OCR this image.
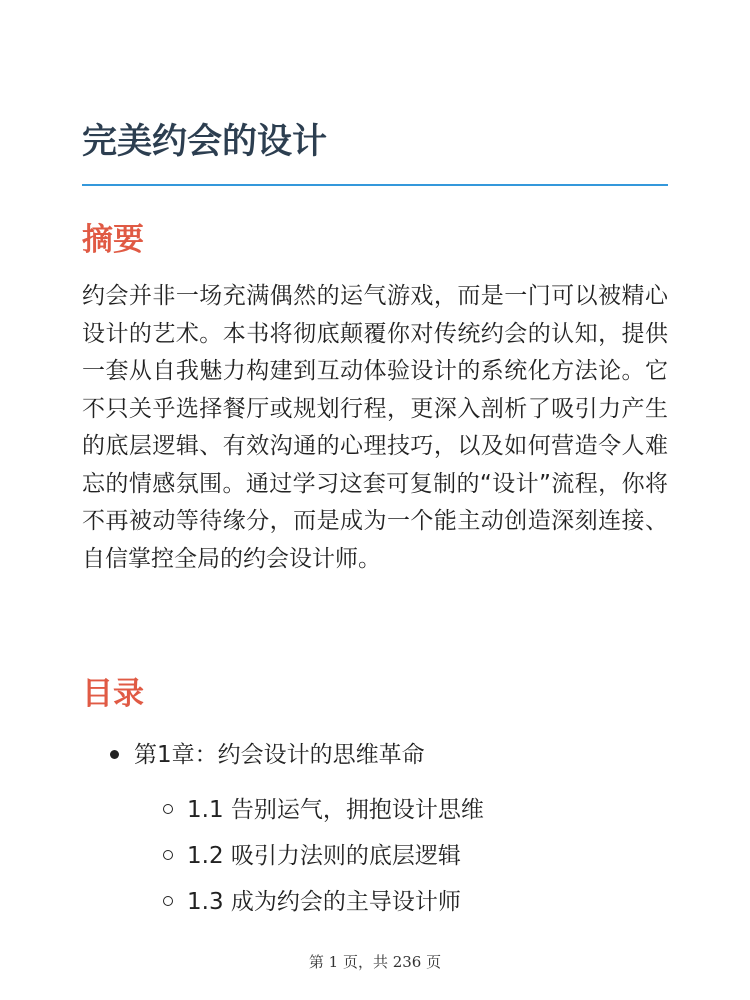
完美约会的设计
摘要

约会并非一场充满偶然的运气游戏，而是一门可以被精心设计的艺术。本书将彻底颠覆你对传统约会的认知，提供一套从自我魅力构建到互动体验设计的系统化方法论。它不只关乎选择餐厅或规划行程，更深入剖析了吸引力产生的底层逻辑、有效沟通的心理技巧，以及如何营造令人难忘的情感氛围。通过学习这套可复制的“设计”流程，你将不再被动等待缘分，而是成为一个能主动创造深刻连接、自信掌控全局的约会设计师。

目录
第1章：约会设计的思维革命
1.1 告别运气，拥抱设计思维
1.2 吸引力法则的底层逻辑
1.3 成为约会的主导设计师
第 1 页，共 236 页
